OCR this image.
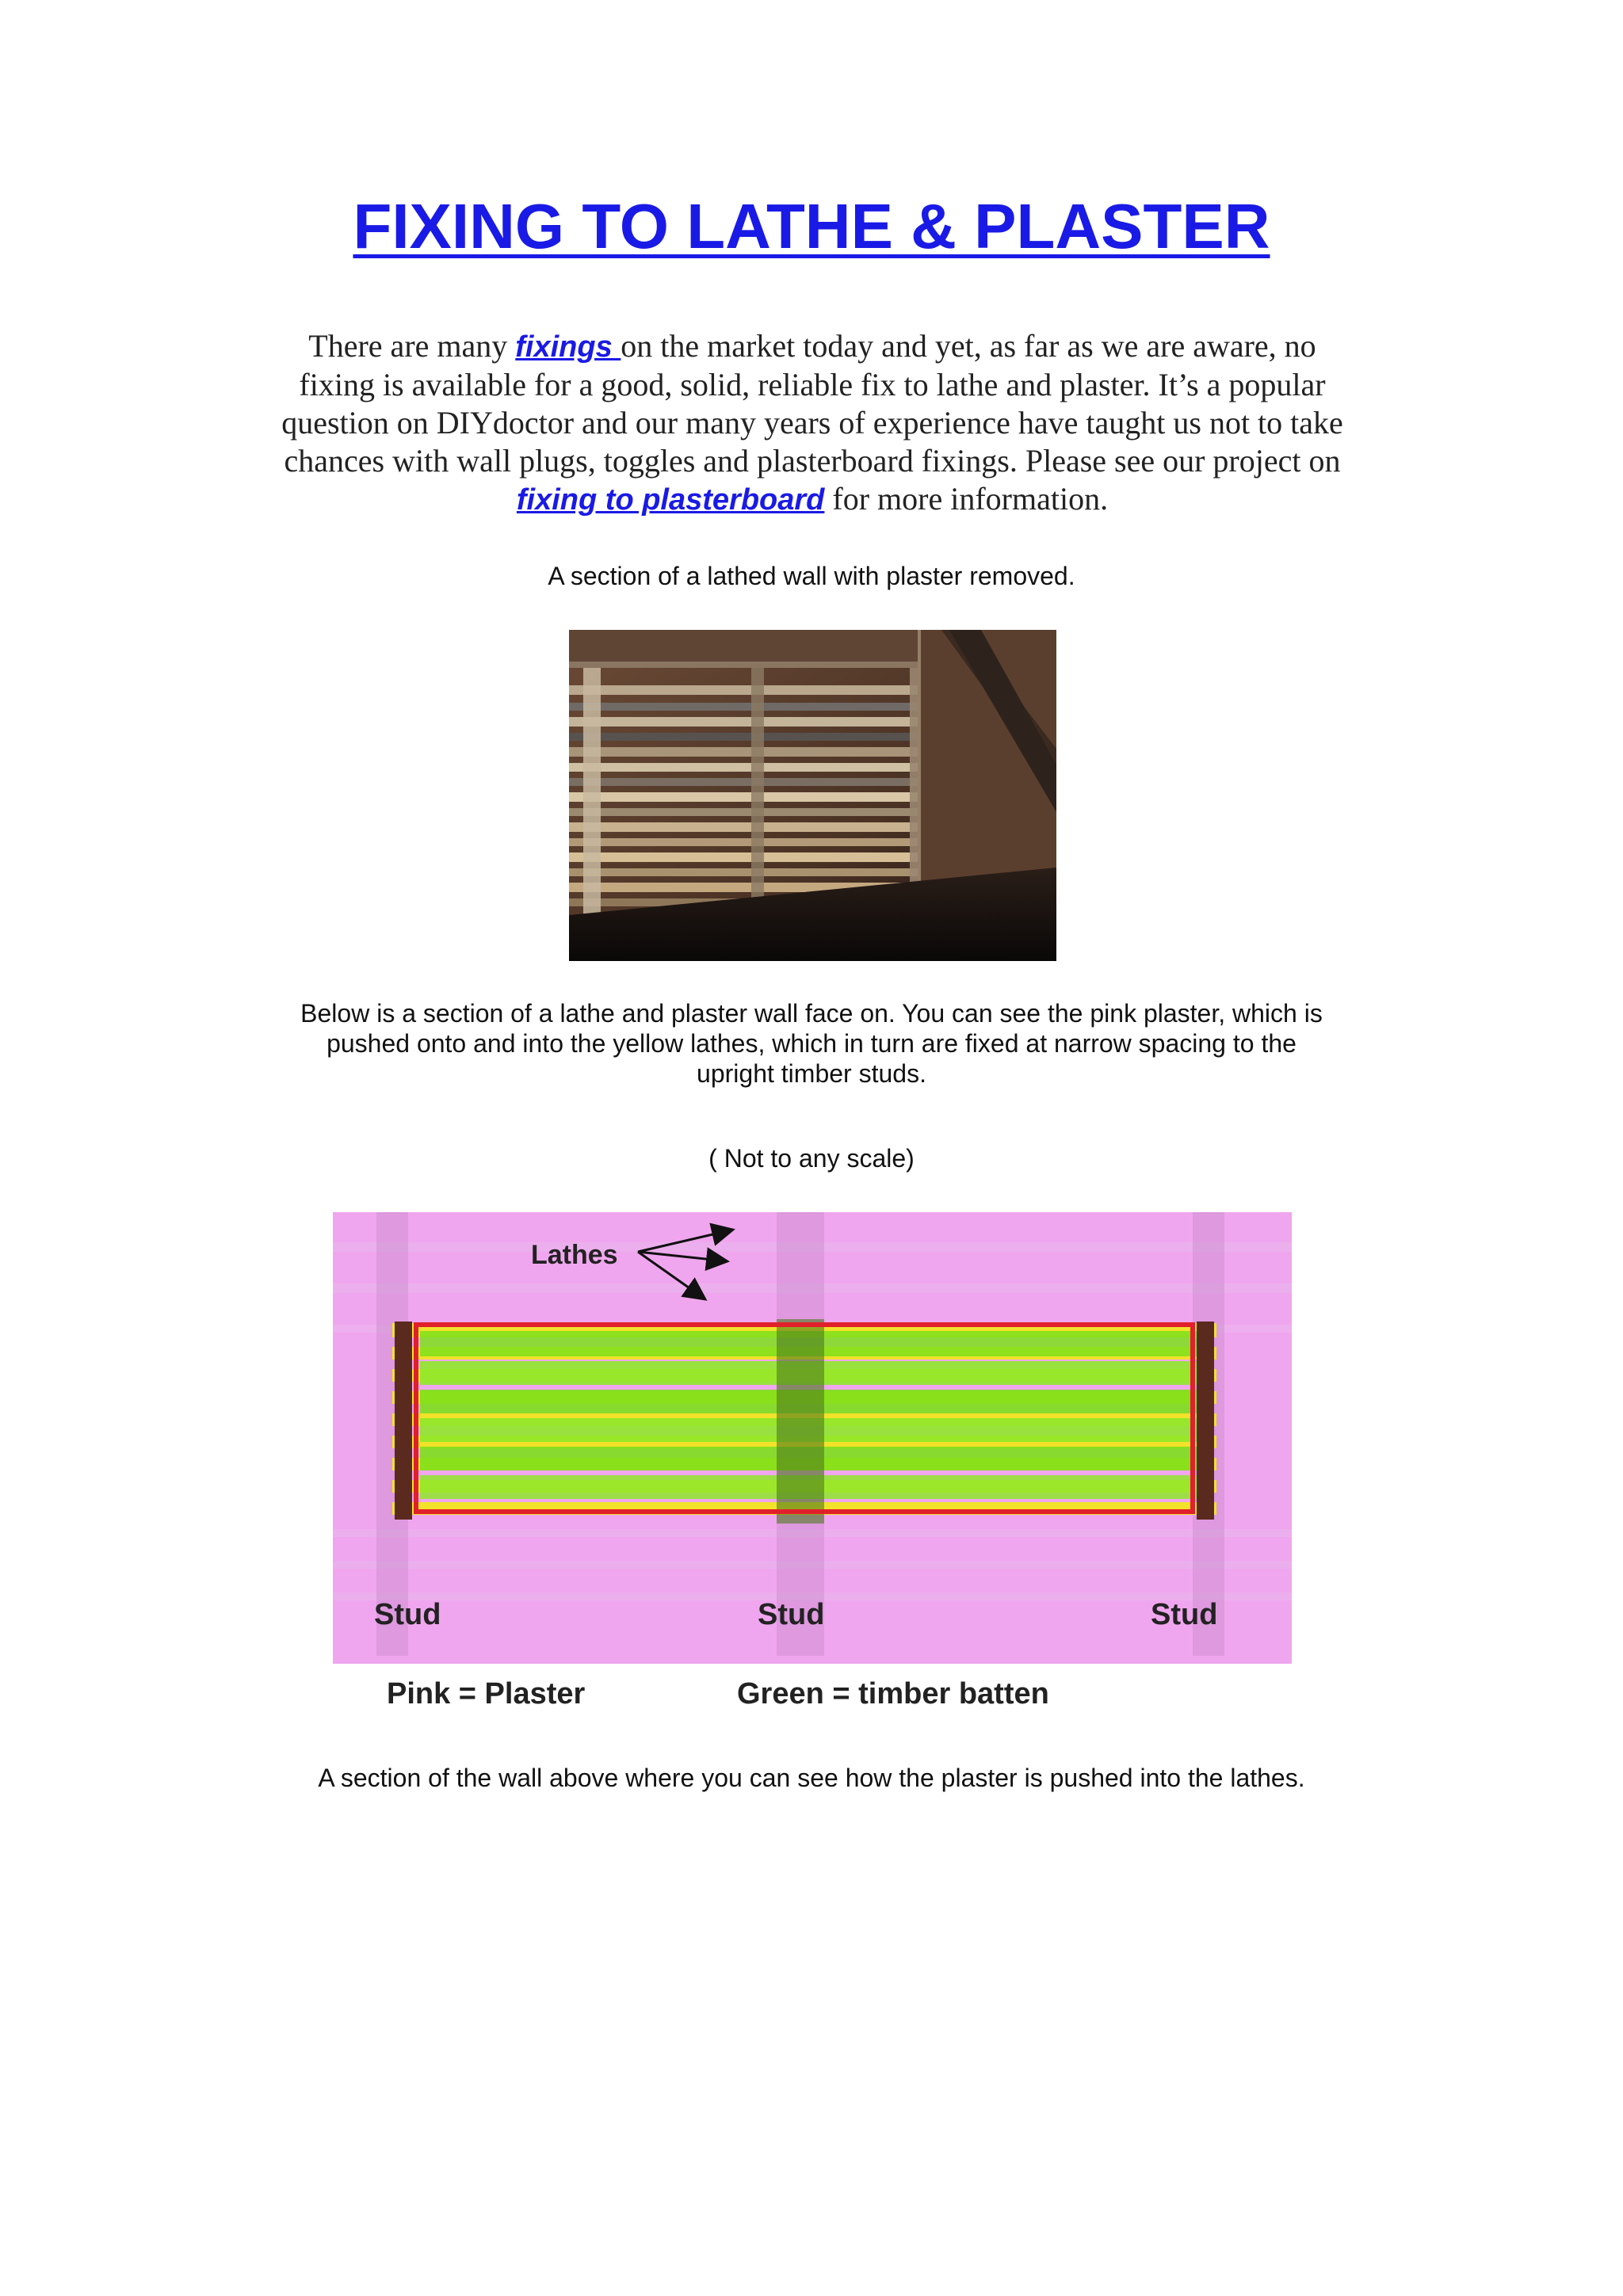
FIXING TO LATHE & PLASTER

There are many fixings on the market today and yet, as far as we are aware, no
fixing is available for a good, solid, reliable fix to lathe and plaster. It’s a popular
question on DIYdoctor and our many years of experience have taught us not to take
chances with wall plugs, toggles and plasterboard fixings. Please see our project on
fixing to plasterboard for more information.

A section of a lathed wall with plaster removed.

Below is a section of a lathe and plaster wall face on. You can see the pink plaster, which is
pushed onto and into the yellow lathes, which in turn are fixed at narrow spacing to the
upright timber studs.

( Not to any scale)

Lathes
Stud	Stud	Stud
Pink = Plaster	Green = timber batten

A section of the wall above where you can see how the plaster is pushed into the lathes.
